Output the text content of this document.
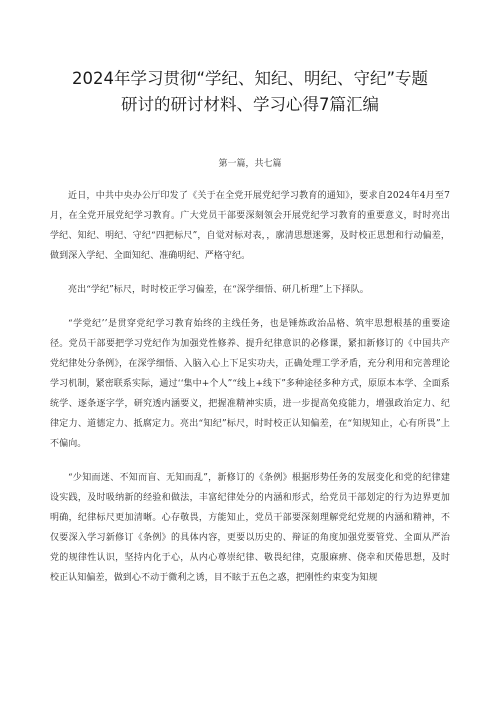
2024年学习贯彻“学纪、知纪、明纪、守纪”专题
研讨的研讨材料、学习心得7篇汇编
第一篇，共七篇

近日，中共中央办公厅印发了《关于在全党开展党纪学习教育的通知》，要求自2024年4月至7月，在全党开展党纪学习教育。广大党员干部要深刻领会开展党纪学习教育的重要意义，时时亮出学纪、知纪、明纪、守纪“四把标尺”，自觉对标对表，，廓清思想迷雾，及时校正思想和行动偏差，做到深入学纪、全面知纪、准确明纪、严格守纪。

亮出“学纪”标尺，时时校正学习偏差，在“深学细悟、研几析理”上下择队。

“学党纪’’是贯穿党纪学习教育始终的主线任务，也是锤炼政治品格、筑牢思想根基的重要途径。党员干部要把学习党纪作为加强党性修养、提升纪律意识的必修课，紧扣新修订的《中国共产党纪律处分条例》，在深学细悟、入脑入心上下足实功夫，正确处理工学矛盾，充分利用和完善理论学习机制，紧密联系实际，通过‘‘集中+个人”“线上+线下”多种途径多种方式，原原本本学、全面系统学、逐条逐字学，研究透内涵要义，把握准精神实质，进一步提高免疫能力，增强政治定力、纪律定力、道德定力、抵腐定力。亮出“知纪”标尺，时时校正认知偏差，在“知规知止，心有所畏”上不偏向。

“少知而迷、不知而盲、无知而乱”，新修订的《条例》根据形势任务的发展变化和党的纪律建设实践，及时吸纳新的经验和做法，丰富纪律处分的内涵和形式，给党员干部划定的行为边界更加明确，纪律标尺更加清晰。心存敬畏，方能知止，党员干部要深刻理解党纪党规的内涵和精神，不仅要深入学习新修订《条例》的具体内容，更要以历史的、辩证的角度加强党要管党、全面从严治党的规律性认识，坚持内化于心，从内心尊崇纪律、敬畏纪律，克服麻痹、侥幸和厌倦思想，及时校正认知偏差，做到心不动于微利之诱，目不眩于五色之惑，把刚性约束变为知规
